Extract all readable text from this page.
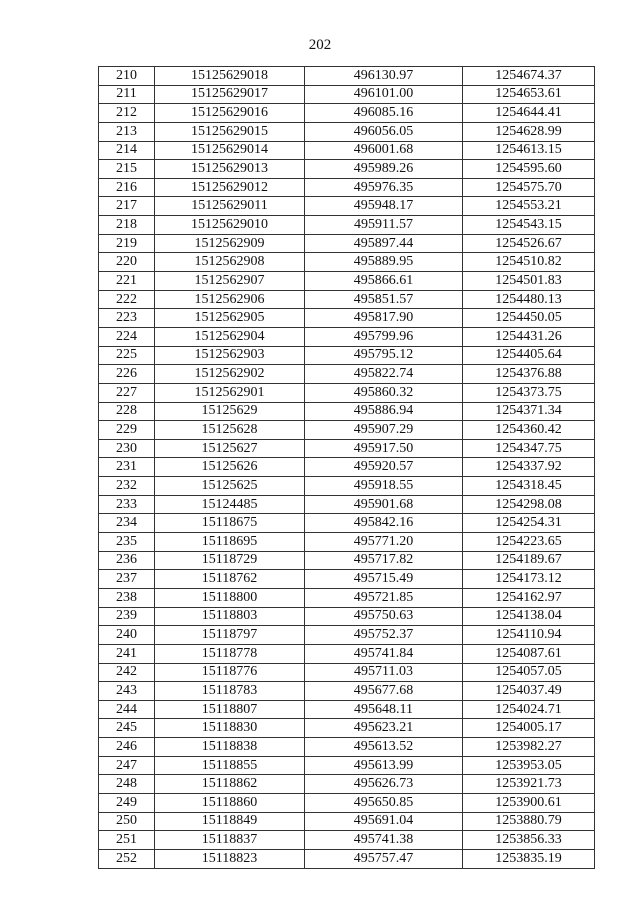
202
210	15125629018	496130.97	1254674.37
211	15125629017	496101.00	1254653.61
212	15125629016	496085.16	1254644.41
213	15125629015	496056.05	1254628.99
214	15125629014	496001.68	1254613.15
215	15125629013	495989.26	1254595.60
216	15125629012	495976.35	1254575.70
217	15125629011	495948.17	1254553.21
218	15125629010	495911.57	1254543.15
219	1512562909	495897.44	1254526.67
220	1512562908	495889.95	1254510.82
221	1512562907	495866.61	1254501.83
222	1512562906	495851.57	1254480.13
223	1512562905	495817.90	1254450.05
224	1512562904	495799.96	1254431.26
225	1512562903	495795.12	1254405.64
226	1512562902	495822.74	1254376.88
227	1512562901	495860.32	1254373.75
228	15125629	495886.94	1254371.34
229	15125628	495907.29	1254360.42
230	15125627	495917.50	1254347.75
231	15125626	495920.57	1254337.92
232	15125625	495918.55	1254318.45
233	15124485	495901.68	1254298.08
234	15118675	495842.16	1254254.31
235	15118695	495771.20	1254223.65
236	15118729	495717.82	1254189.67
237	15118762	495715.49	1254173.12
238	15118800	495721.85	1254162.97
239	15118803	495750.63	1254138.04
240	15118797	495752.37	1254110.94
241	15118778	495741.84	1254087.61
242	15118776	495711.03	1254057.05
243	15118783	495677.68	1254037.49
244	15118807	495648.11	1254024.71
245	15118830	495623.21	1254005.17
246	15118838	495613.52	1253982.27
247	15118855	495613.99	1253953.05
248	15118862	495626.73	1253921.73
249	15118860	495650.85	1253900.61
250	15118849	495691.04	1253880.79
251	15118837	495741.38	1253856.33
252	15118823	495757.47	1253835.19
